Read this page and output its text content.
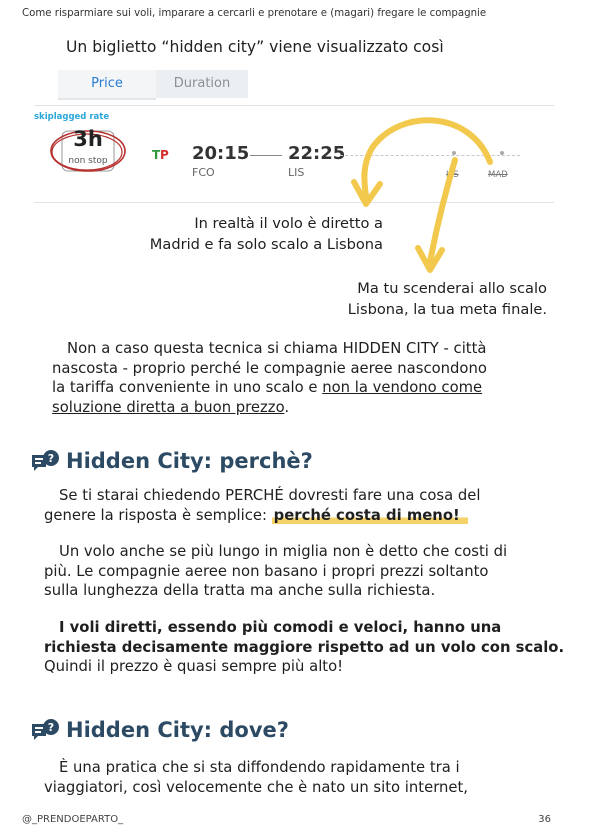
Come risparmiare sui voli, imparare a cercarli e prenotare e (magari) fregare le compagnie
Un biglietto “hidden city” viene visualizzato così
Price	Duration
skiplagged rate
3h
non stop	T P 20:15
FCO
22:25
LIS	LIS	MAD
In realtà il volo è diretto a
Madrid e fa solo scalo a Lisbona
Ma tu scenderai allo scalo
Lisbona, la tua meta finale.
Non a caso questa tecnica si chiama HIDDEN CITY - città
nascosta - proprio perché le compagnie aeree nascondono
la tariffa conveniente in uno scalo e non la vendono come
soluzione diretta a buon prezzo.
? Hidden City: perchè?
Se ti starai chiedendo PERCHÉ dovresti fare una cosa del
genere la risposta è semplice: perché costa di meno!
Un volo anche se più lungo in miglia non è detto che costi di
più. Le compagnie aeree non basano i propri prezzi soltanto
sulla lunghezza della tratta ma anche sulla richiesta.
I voli diretti, essendo più comodi e veloci, hanno una
richiesta decisamente maggiore rispetto ad un volo con scalo.
Quindi il prezzo è quasi sempre più alto!
? Hidden City: dove?
È una pratica che si sta diffondendo rapidamente tra i
viaggiatori, così velocemente che è nato un sito internet,
@_PRENDOEPARTO_	36
